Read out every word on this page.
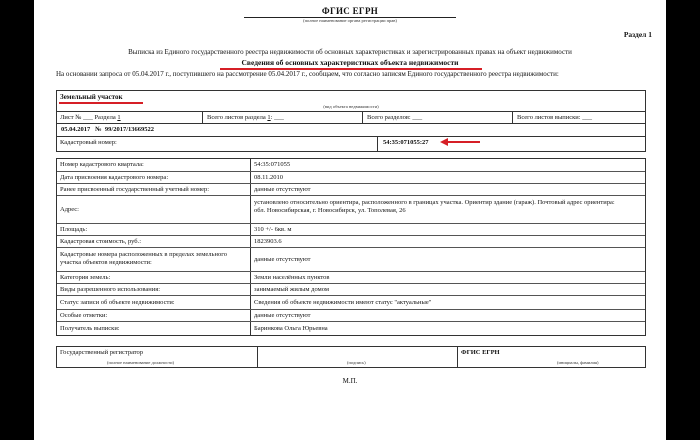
ФГИС ЕГРН
(полное наименование органа регистрации прав)
Раздел 1
Выписка из Единого государственного реестра недвижимости об основных характеристиках и зарегистрированных правах на объект недвижимости
Сведения об основных характеристиках объекта недвижимости
На основании запроса от 05.04.2017 г., поступившего на рассмотрение 05.04.2017 г., сообщаем, что согласно записям Единого государственного реестра недвижимости:
Земельный участок
(вид объекта недвижимости)
Лист № ___ Раздела 1	Всего листов раздела 1: ___	Всего разделов: ___	Всего листов выписки: ___
05.04.2017 № 99/2017/13669522
Кадастровый номер:	54:35:071055:27
Номер кадастрового квартала:	54:35:071055
Дата присвоения кадастрового номера:	08.11.2010
Ранее присвоенный государственный учетный номер:	данные отсутствуют
Адрес:
установлено относительно ориентира, расположенного в границах участка. Ориентир здание (гараж). Почтовый адрес ориентира: обл. Новосибирская, г. Новосибирск, ул. Тополевая, 26
Площадь:	310 +/- 6кв. м
Кадастровая стоимость, руб.:	1823903.6
Кадастровые номера расположенных в пределах земельного участка объектов недвижимости:	данные отсутствуют
Категория земель:	Земли населённых пунктов
Виды разрешенного использования:	занимаемый жилым домом
Статус записи об объекте недвижимости:	Сведения об объекте недвижимости имеют статус "актуальные"
Особые отметки:	данные отсутствуют
Получатель выписки:	Баринкова Ольга Юрьевна
Государственный регистратор
(полное наименование должности)	(подпись)
ФГИС ЕГРН
(инициалы, фамилия)
М.П.
